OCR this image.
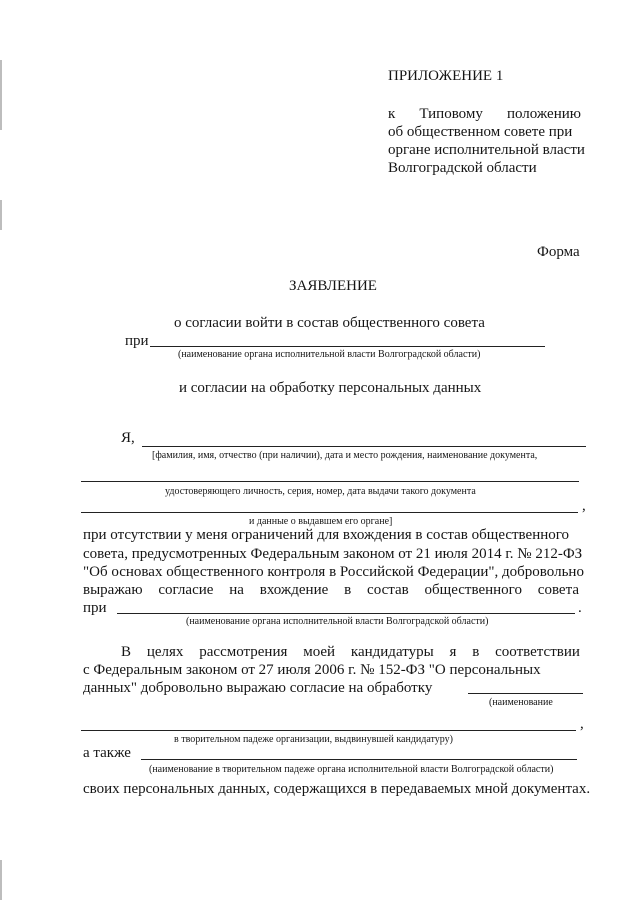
ПРИЛОЖЕНИЕ 1
к Типовому положению
об общественном совете при
органе исполнительной власти
Волгоградской области
Форма
ЗАЯВЛЕНИЕ
о согласии войти в состав общественного совета
при
(наименование органа исполнительной власти Волгоградской области)
и согласии на обработку персональных данных
Я,
[фамилия, имя, отчество (при наличии), дата и место рождения, наименование документа,
удостоверяющего личность, серия, номер, дата выдачи такого документа
,
и данные о выдавшем его органе]
при отсутствии у меня ограничений для вхождения в состав общественного
совета, предусмотренных Федеральным законом от 21 июля 2014 г. № 212-ФЗ
"Об основах общественного контроля в Российской Федерации", добровольно
выражаю согласие на вхождение в состав общественного совета
при	.
(наименование органа исполнительной власти Волгоградской области)
В целях рассмотрения моей кандидатуры я в соответствии
с Федеральным законом от 27 июля 2006 г. № 152-ФЗ "О персональных
данных" добровольно выражаю согласие на обработку
(наименование
,
в творительном падеже организации, выдвинувшей кандидатуру)
а также
(наименование в творительном падеже органа исполнительной власти Волгоградской области)
своих персональных данных, содержащихся в передаваемых мной документах.
